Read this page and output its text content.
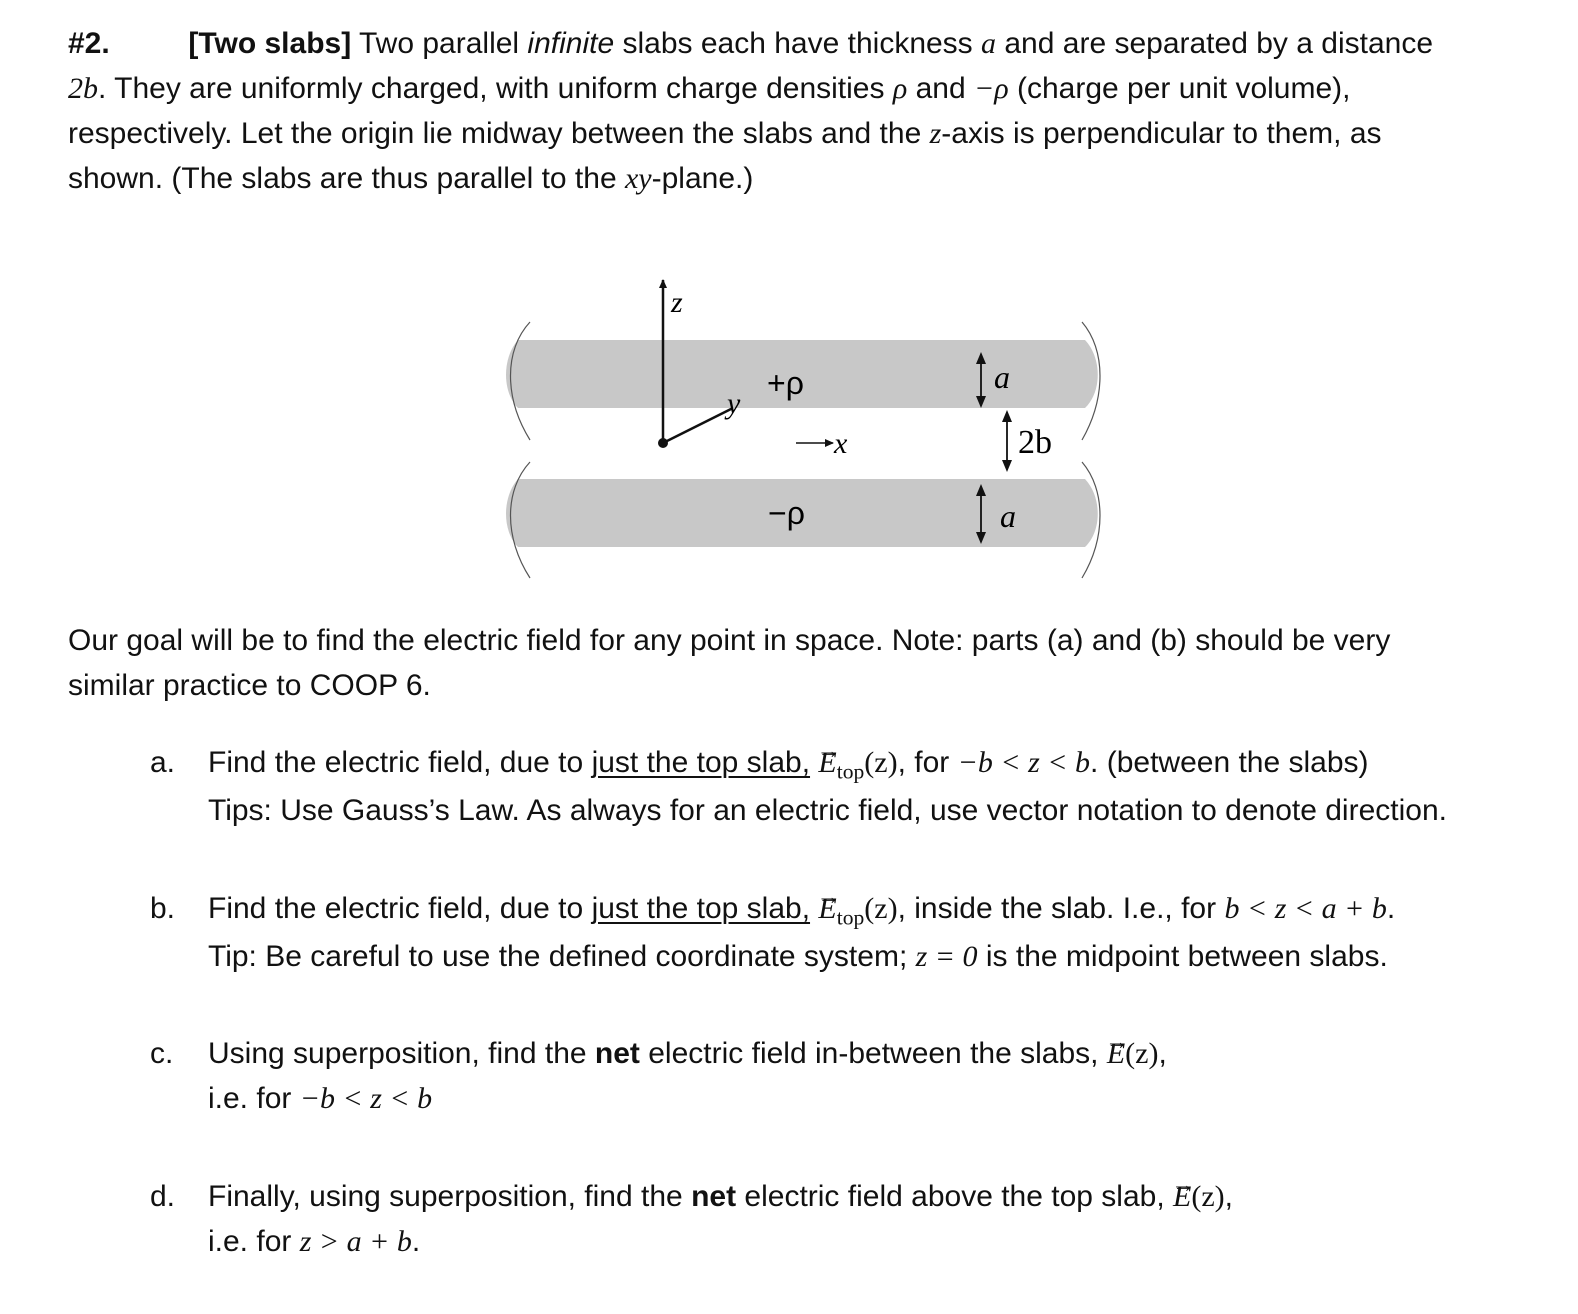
#2.	[Two slabs] Two parallel infinite slabs each have thickness a and are separated by a distance
2b. They are uniformly charged, with uniform charge densities ρ and −ρ (charge per unit volume),
respectively. Let the origin lie midway between the slabs and the z-axis is perpendicular to them, as
shown. (The slabs are thus parallel to the xy-plane.)
z
y
x
+ρ
−ρ
a
2b
a
Our goal will be to find the electric field for any point in space. Note: parts (a) and (b) should be very
similar practice to COOP 6.
a. Find the electric field, due to just the top slab, → $E_{top}(z)$, for −b < z < b. (between the slabs)
Tips: Use Gauss’s Law. As always for an electric field, use vector notation to denote direction.
b. Find the electric field, due to just the top slab, → $E_{top}(z)$, inside the slab. I.e., for b < z < a + b.
Tip: Be careful to use the defined coordinate system; z = 0 is the midpoint between slabs.
c. Using superposition, find the net electric field in-between the slabs, → E(z),
i.e. for −b < z < b
d. Finally, using superposition, find the net electric field above the top slab, → E(z),
i.e. for z > a + b.
